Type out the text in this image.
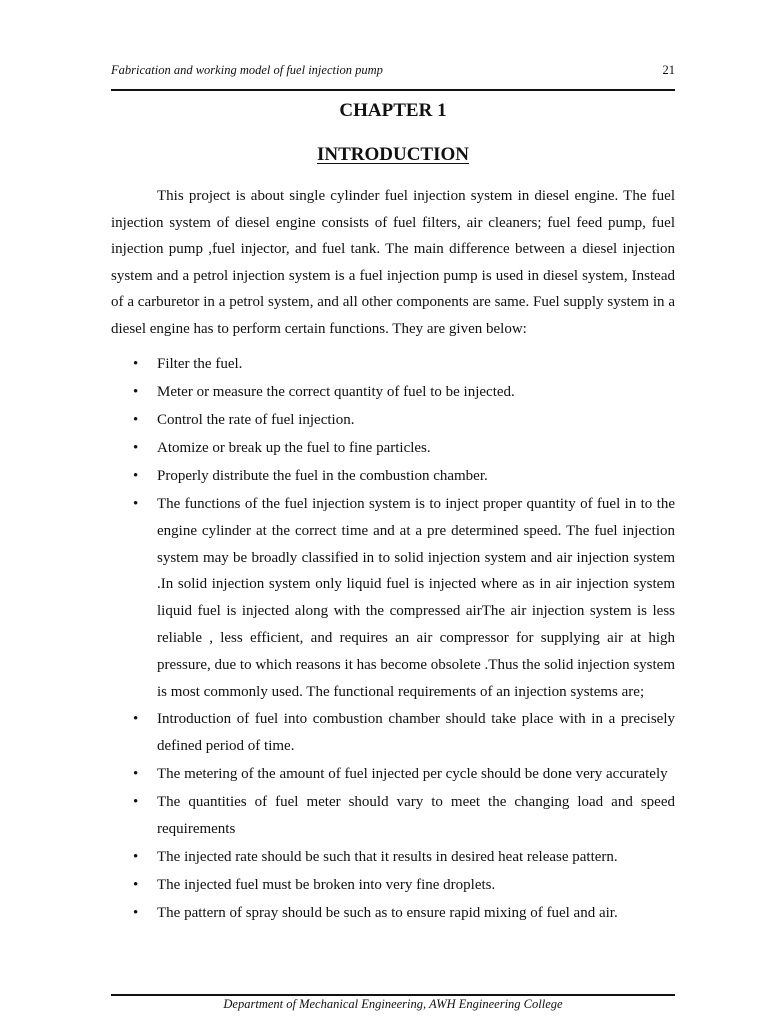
Fabrication and working model of fuel injection pump	21
CHAPTER 1
INTRODUCTION

This project is about single cylinder fuel injection system in diesel engine. The fuel injection system of diesel engine consists of fuel filters, air cleaners; fuel feed pump, fuel injection pump ,fuel injector, and fuel tank. The main difference between a diesel injection system and a petrol injection system is a fuel injection pump is used in diesel system, Instead of a carburetor in a petrol system, and all other components are same. Fuel supply system in a diesel engine has to perform certain functions. They are given below:

• Filter the fuel.
• Meter or measure the correct quantity of fuel to be injected.
• Control the rate of fuel injection.
• Atomize or break up the fuel to fine particles.
• Properly distribute the fuel in the combustion chamber.
• The functions of the fuel injection system is to inject proper quantity of fuel in to the engine cylinder at the correct time and at a pre determined speed. The fuel injection system may be broadly classified in to solid injection system and air injection system .In solid injection system only liquid fuel is injected where as in air injection system liquid fuel is injected along with the compressed airThe air injection system is less reliable , less efficient, and requires an air compressor for supplying air at high pressure, due to which reasons it has become obsolete .Thus the solid injection system is most commonly used. The functional requirements of an injection systems are;
• Introduction of fuel into combustion chamber should take place with in a precisely defined period of time.
• The metering of the amount of fuel injected per cycle should be done very accurately
• The quantities of fuel meter should vary to meet the changing load and speed requirements
• The injected rate should be such that it results in desired heat release pattern.
• The injected fuel must be broken into very fine droplets.
• The pattern of spray should be such as to ensure rapid mixing of fuel and air.
Department of Mechanical Engineering, AWH Engineering College
